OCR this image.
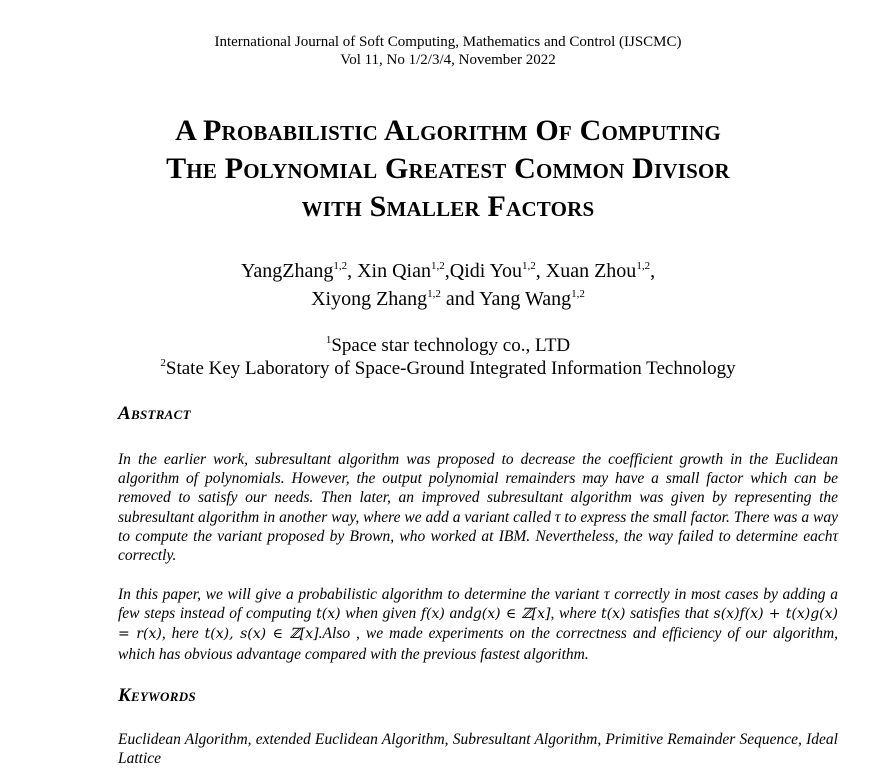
International Journal of Soft Computing, Mathematics and Control (IJSCMC)
Vol 11, No 1/2/3/4, November 2022
A Probabilistic Algorithm Of Computing
The Polynomial Greatest Common Divisor
with Smaller Factors
YangZhang$^{1,2}$, Xin Qian$^{1,2}$,Qidi You$^{1,2}$, Xuan Zhou$^{1,2}$,
Xiyong Zhang$^{1,2}$ and Yang Wang$^{1,2}$
$^1$Space star technology co., LTD
$^2$State Key Laboratory of Space-Ground Integrated Information Technology
Abstract
In the earlier work, subresultant algorithm was proposed to decrease the coefficient growth in the Euclidean algorithm of polynomials. However, the output polynomial remainders may have a small factor which can be removed to satisfy our needs. Then later, an improved subresultant algorithm was given by representing the subresultant algorithm in another way, where we add a variant called τ to express the small factor. There was a way to compute the variant proposed by Brown, who worked at IBM. Nevertheless, the way failed to determine eachτ correctly.
In this paper, we will give a probabilistic algorithm to determine the variant τ correctly in most cases by adding a few steps instead of computing t(x) when given f(x) andg(x) ∈ ℤ[x], where t(x) satisfies that s(x)f(x) + t(x)g(x) = r(x), here t(x), s(x) ∈ ℤ[x].Also , we made experiments on the correctness and efficiency of our algorithm, which has obvious advantage compared with the previous fastest algorithm.
Keywords
Euclidean Algorithm, extended Euclidean Algorithm, Subresultant Algorithm, Primitive Remainder Sequence, Ideal Lattice
